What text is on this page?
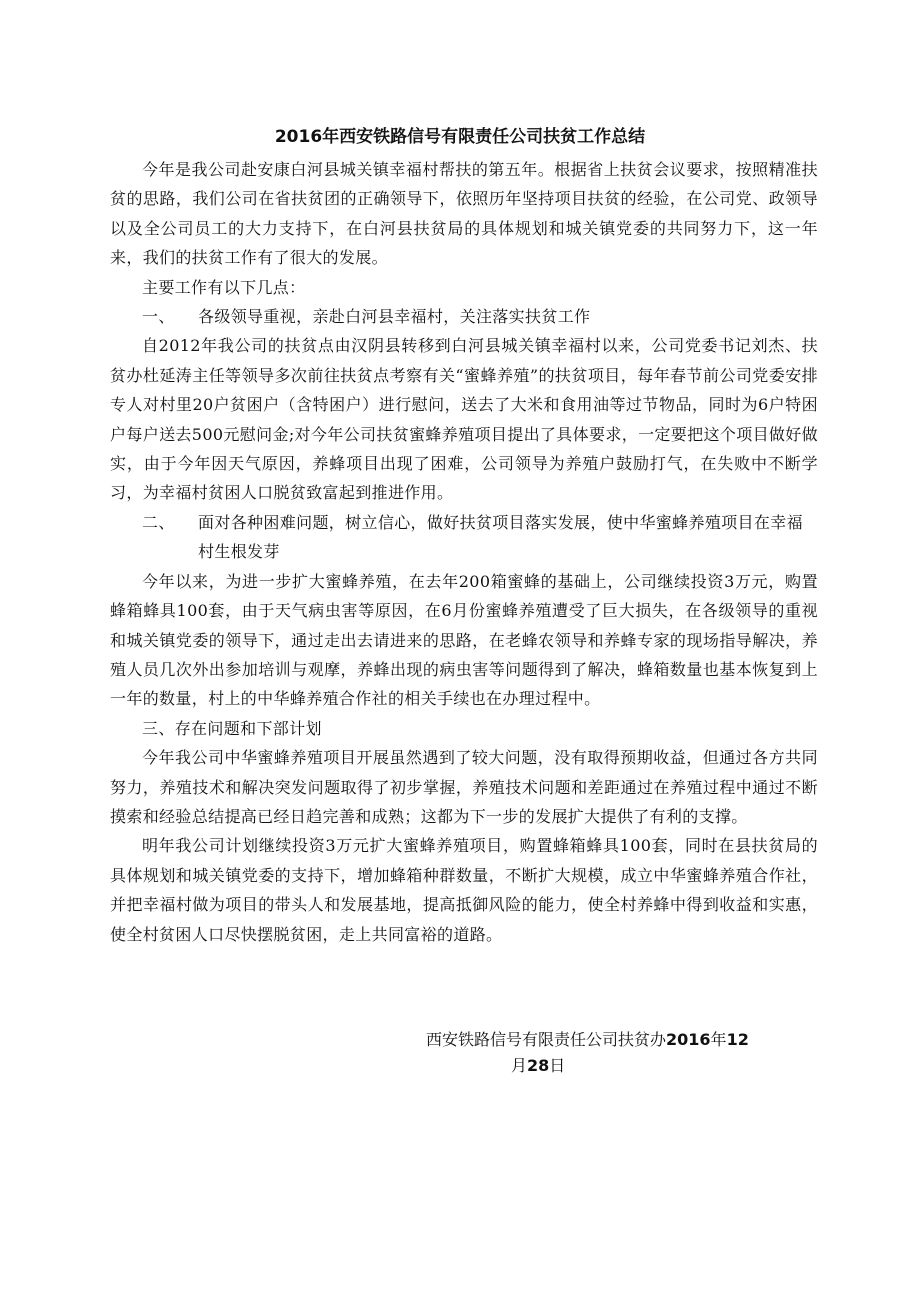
2016年西安铁路信号有限责任公司扶贫工作总结

今年是我公司赴安康白河县城关镇幸福村帮扶的第五年。根据省上扶贫会议要求，按照精准扶贫的思路，我们公司在省扶贫团的正确领导下，依照历年坚持项目扶贫的经验，在公司党、政领导以及全公司员工的大力支持下，在白河县扶贫局的具体规划和城关镇党委的共同努力下，这一年来，我们的扶贫工作有了很大的发展。

主要工作有以下几点：

一、	各级领导重视，亲赴白河县幸福村，关注落实扶贫工作

自2012年我公司的扶贫点由汉阴县转移到白河县城关镇幸福村以来，公司党委书记刘杰、扶贫办杜延涛主任等领导多次前往扶贫点考察有关“蜜蜂养殖”的扶贫项目，每年春节前公司党委安排专人对村里20户贫困户（含特困户）进行慰问，送去了大米和食用油等过节物品，同时为6户特困户每户送去500元慰问金;对今年公司扶贫蜜蜂养殖项目提出了具体要求，一定要把这个项目做好做实，由于今年因天气原因，养蜂项目出现了困难，公司领导为养殖户鼓励打气，在失败中不断学习，为幸福村贫困人口脱贫致富起到推进作用。

二、	面对各种困难问题，树立信心，做好扶贫项目落实发展，使中华蜜蜂养殖项目在幸福村生根发芽

今年以来，为进一步扩大蜜蜂养殖，在去年200箱蜜蜂的基础上，公司继续投资3万元，购置蜂箱蜂具100套，由于天气病虫害等原因，在6月份蜜蜂养殖遭受了巨大损失，在各级领导的重视和城关镇党委的领导下，通过走出去请进来的思路，在老蜂农领导和养蜂专家的现场指导解决，养殖人员几次外出参加培训与观摩，养蜂出现的病虫害等问题得到了解决，蜂箱数量也基本恢复到上一年的数量，村上的中华蜂养殖合作社的相关手续也在办理过程中。

三、存在问题和下部计划

今年我公司中华蜜蜂养殖项目开展虽然遇到了较大问题，没有取得预期收益，但通过各方共同努力，养殖技术和解决突发问题取得了初步掌握，养殖技术问题和差距通过在养殖过程中通过不断摸索和经验总结提高已经日趋完善和成熟；这都为下一步的发展扩大提供了有利的支撑。

明年我公司计划继续投资3万元扩大蜜蜂养殖项目，购置蜂箱蜂具100套，同时在县扶贫局的具体规划和城关镇党委的支持下，增加蜂箱种群数量，不断扩大规模，成立中华蜜蜂养殖合作社，并把幸福村做为项目的带头人和发展基地，提高抵御风险的能力，使全村养蜂中得到收益和实惠，使全村贫困人口尽快摆脱贫困，走上共同富裕的道路。

西安铁路信号有限责任公司扶贫办2016年12
月28日
